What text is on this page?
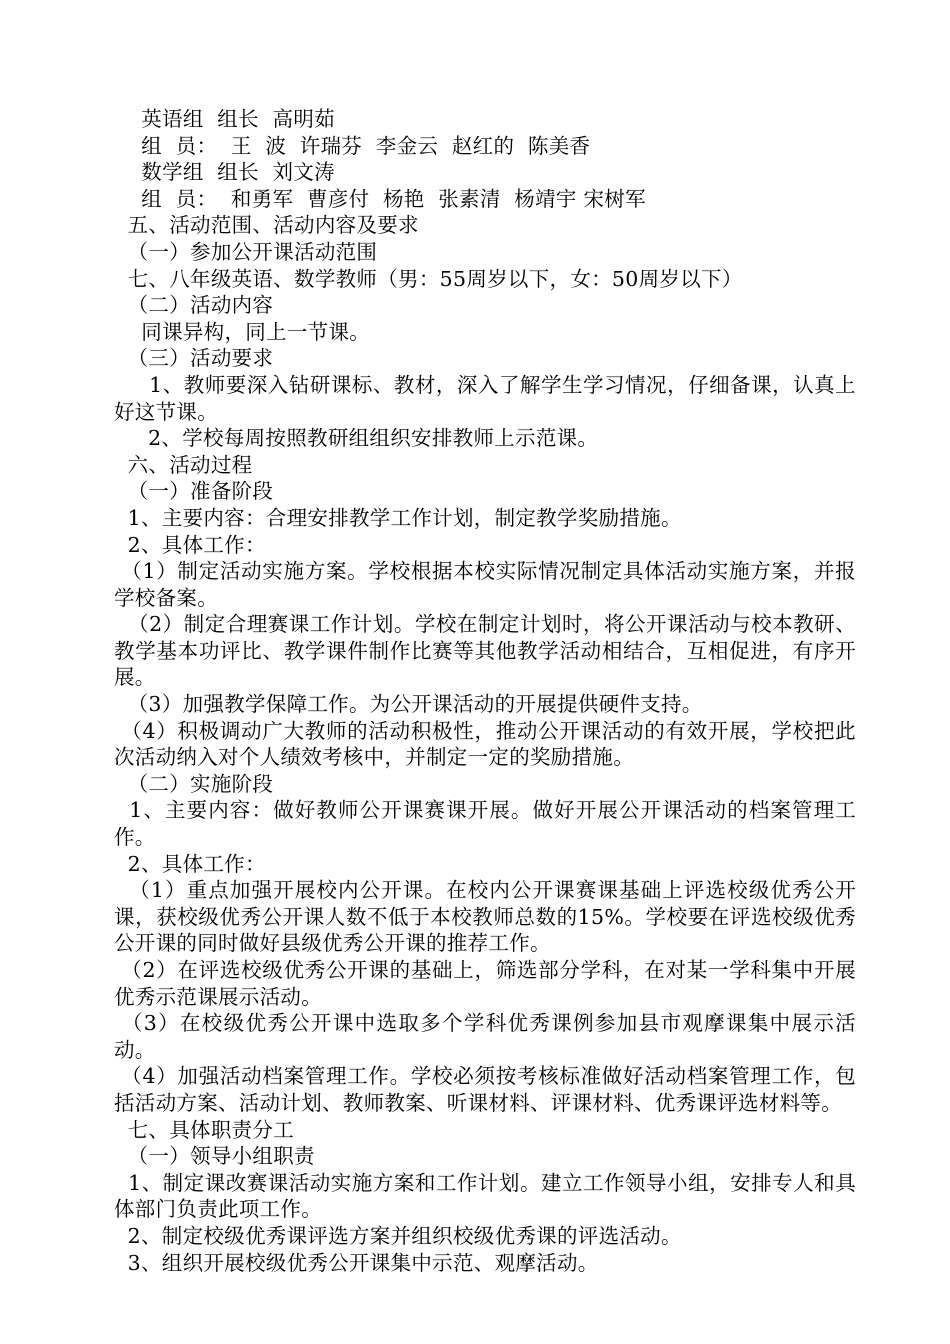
英语组  组长  高明茹
组  员：  王  波  许瑞芬  李金云  赵红的  陈美香
数学组  组长  刘文涛
组  员：  和勇军  曹彦付  杨艳  张素清  杨靖宇 宋树军
五、活动范围、活动内容及要求
（一）参加公开课活动范围
七、八年级英语、数学教师（男：55周岁以下，女：50周岁以下）
（二）活动内容
同课异构，同上一节课。
（三）活动要求
1、教师要深入钻研课标、教材，深入了解学生学习情况，仔细备课，认真上好这节课。
2、学校每周按照教研组组织安排教师上示范课。
六、活动过程
（一）准备阶段
1、主要内容：合理安排教学工作计划，制定教学奖励措施。
2、具体工作：
（1）制定活动实施方案。学校根据本校实际情况制定具体活动实施方案，并报学校备案。
（2）制定合理赛课工作计划。学校在制定计划时，将公开课活动与校本教研、教学基本功评比、教学课件制作比赛等其他教学活动相结合，互相促进，有序开展。
（3）加强教学保障工作。为公开课活动的开展提供硬件支持。
（4）积极调动广大教师的活动积极性，推动公开课活动的有效开展，学校把此次活动纳入对个人绩效考核中，并制定一定的奖励措施。
（二）实施阶段
1、主要内容：做好教师公开课赛课开展。做好开展公开课活动的档案管理工作。
2、具体工作：
（1）重点加强开展校内公开课。在校内公开课赛课基础上评选校级优秀公开课，获校级优秀公开课人数不低于本校教师总数的15%。学校要在评选校级优秀公开课的同时做好县级优秀公开课的推荐工作。
（2）在评选校级优秀公开课的基础上，筛选部分学科，在对某一学科集中开展优秀示范课展示活动。
（3）在校级优秀公开课中选取多个学科优秀课例参加县市观摩课集中展示活动。
（4）加强活动档案管理工作。学校必须按考核标准做好活动档案管理工作，包括活动方案、活动计划、教师教案、听课材料、评课材料、优秀课评选材料等。
七、具体职责分工
（一）领导小组职责
1、制定课改赛课活动实施方案和工作计划。建立工作领导小组，安排专人和具体部门负责此项工作。
2、制定校级优秀课评选方案并组织校级优秀课的评选活动。
3、组织开展校级优秀公开课集中示范、观摩活动。
